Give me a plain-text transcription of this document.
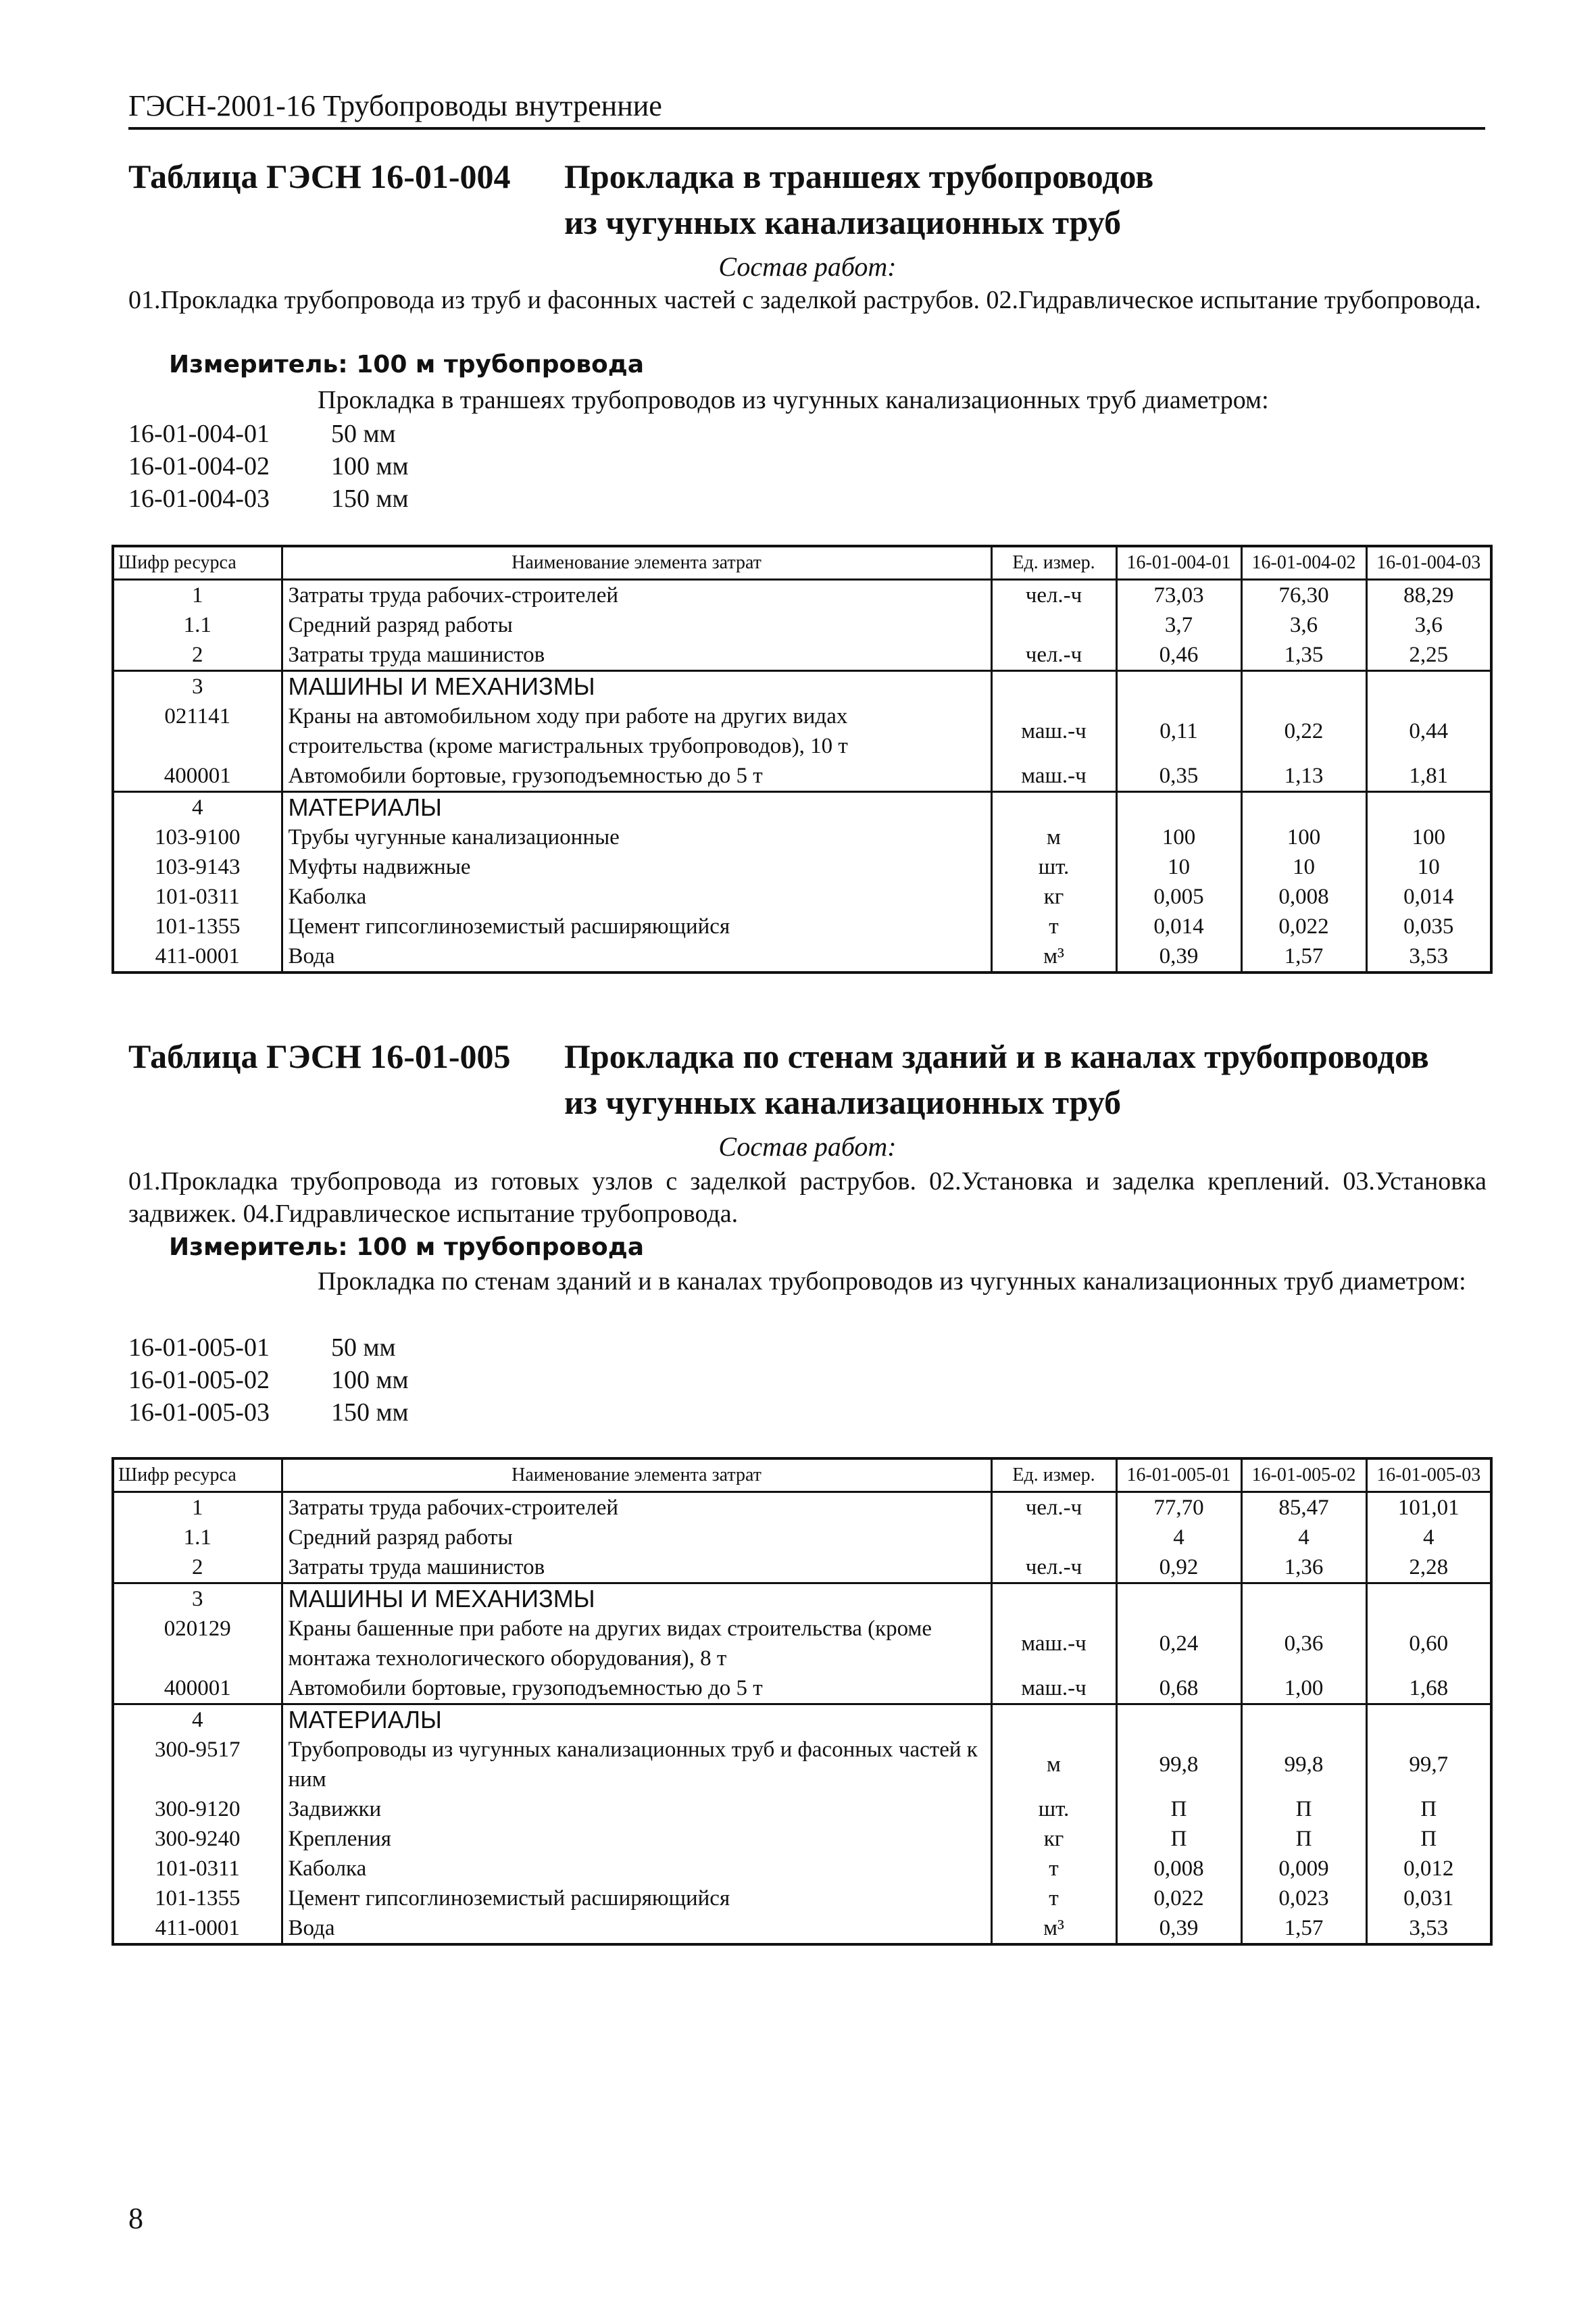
ГЭСН-2001-16 Трубопроводы внутренние
Таблица ГЭСН 16-01-004 Прокладка в траншеях трубопроводов
из чугунных канализационных труб
Состав работ:
01.Прокладка трубопровода из труб и фасонных частей с заделкой раструбов. 02.Гидравлическое испытание трубопровода.
Измеритель: 100 м трубопровода
Прокладка в траншеях трубопроводов из чугунных канализационных труб диаметром:
16-01-004-01 50 мм
16-01-004-02 100 мм
16-01-004-03 150 мм
Шифр ресурса	Наименование элемента затрат	Ед. измер.	16-01-004-01	16-01-004-02	16-01-004-03
1	Затраты труда рабочих-строителей	чел.-ч	73,03	76,30	88,29
1.1	Средний разряд работы		3,7	3,6	3,6
2	Затраты труда машинистов	чел.-ч	0,46	1,35	2,25
3	МАШИНЫ И МЕХАНИЗМЫ				
021141	Краны на автомобильном ходу при работе на других видах строительства (кроме магистральных трубопроводов), 10 т	маш.-ч	0,11	0,22	0,44
400001	Автомобили бортовые, грузоподъемностью до 5 т	маш.-ч	0,35	1,13	1,81
4	МАТЕРИАЛЫ				
103-9100	Трубы чугунные канализационные	м	100	100	100
103-9143	Муфты надвижные	шт.	10	10	10
101-0311	Каболка	кг	0,005	0,008	0,014
101-1355	Цемент гипсоглиноземистый расширяющийся	т	0,014	0,022	0,035
411-0001	Вода	м³	0,39	1,57	3,53
Таблица ГЭСН 16-01-005 Прокладка по стенам зданий и в каналах трубопроводов
из чугунных канализационных труб
Состав работ:
01.Прокладка трубопровода из готовых узлов с заделкой раструбов. 02.Установка и заделка креплений. 03.Установка задвижек. 04.Гидравлическое испытание трубопровода.
Измеритель: 100 м трубопровода
Прокладка по стенам зданий и в каналах трубопроводов из чугунных канализационных труб диаметром:
16-01-005-01 50 мм
16-01-005-02 100 мм
16-01-005-03 150 мм
Шифр ресурса	Наименование элемента затрат	Ед. измер.	16-01-005-01	16-01-005-02	16-01-005-03
1	Затраты труда рабочих-строителей	чел.-ч	77,70	85,47	101,01
1.1	Средний разряд работы		4	4	4
2	Затраты труда машинистов	чел.-ч	0,92	1,36	2,28
3	МАШИНЫ И МЕХАНИЗМЫ				
020129	Краны башенные при работе на других видах строительства (кроме монтажа технологического оборудования), 8 т	маш.-ч	0,24	0,36	0,60
400001	Автомобили бортовые, грузоподъемностью до 5 т	маш.-ч	0,68	1,00	1,68
4	МАТЕРИАЛЫ				
300-9517	Трубопроводы из чугунных канализационных труб и фасонных частей к ним	м	99,8	99,8	99,7
300-9120	Задвижки	шт.	П	П	П
300-9240	Крепления	кг	П	П	П
101-0311	Каболка	т	0,008	0,009	0,012
101-1355	Цемент гипсоглиноземистый расширяющийся	т	0,022	0,023	0,031
411-0001	Вода	м³	0,39	1,57	3,53
8
